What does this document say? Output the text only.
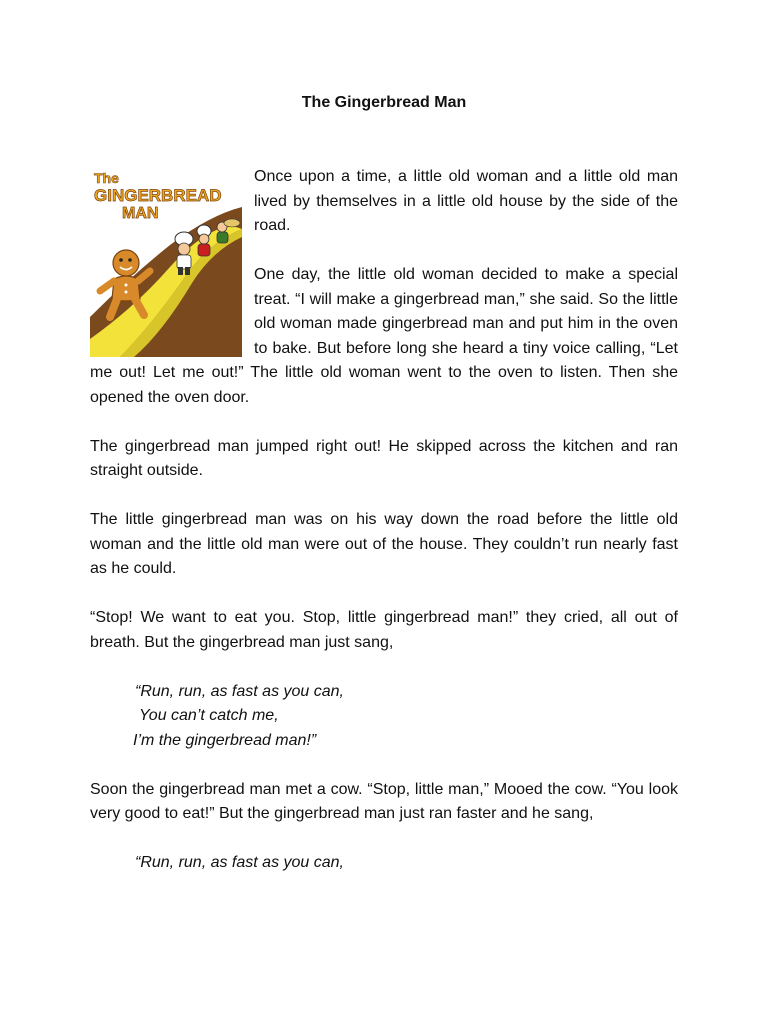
The Gingerbread Man
The
GINGERBREAD
MAN

Once upon a time, a little old woman and a little old man lived by themselves in a little old house by the side of the road.

One day, the little old woman decided to make a special treat. “I will make a gingerbread man,” she said. So the little old woman made gingerbread man and put him in the oven to bake. But before long she heard a tiny voice calling, “Let me out! Let me out!” The little old woman went to the oven to listen. Then she opened the oven door.

The gingerbread man jumped right out! He skipped across the kitchen and ran straight outside.

The little gingerbread man was on his way down the road before the little old woman and the little old man were out of the house. They couldn’t run nearly fast as he could.

“Stop! We want to eat you. Stop, little gingerbread man!” they cried, all out of breath. But the gingerbread man just sang,

“Run, run, as fast as you can,
You can’t catch me,
I’m the gingerbread man!”

Soon the gingerbread man met a cow. “Stop, little man,” Mooed the cow. “You look very good to eat!” But the gingerbread man just ran faster and he sang,

“Run, run, as fast as you can,
